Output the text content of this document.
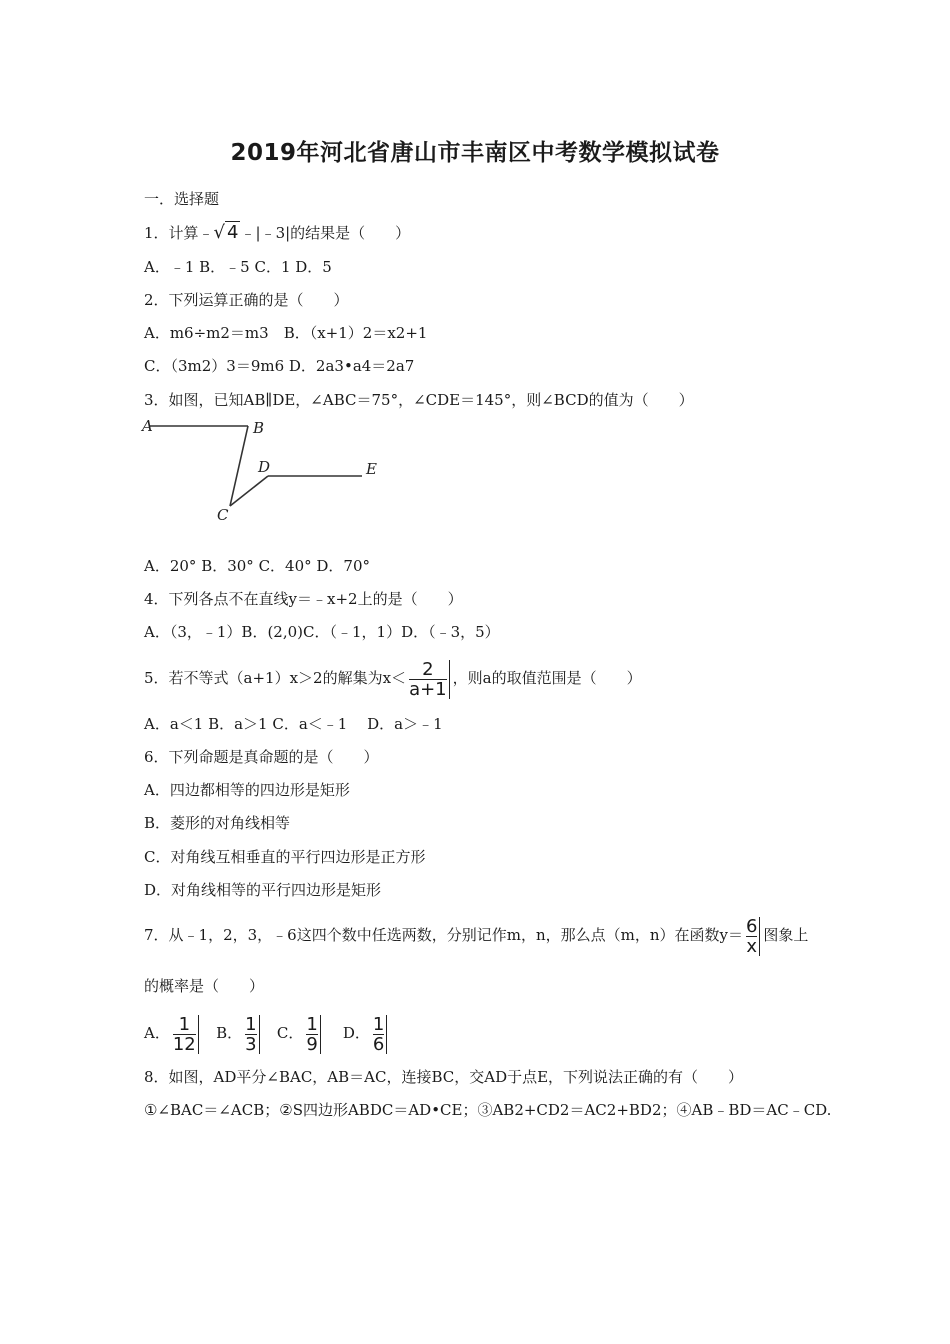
2019年河北省唐山市丰南区中考数学模拟试卷
一．选择题
1．计算﹣√ 4 ﹣|﹣3|的结果是（　　）
A．﹣1 B．﹣5 C．1 D．5
2．下列运算正确的是（　　）
A．m6÷m2＝m3　B．（x+1）2＝x2+1
C．（3m2）3＝9m6 D．2a3•a4＝2a7
3．如图，已知AB∥DE，∠ABC＝75°，∠CDE＝145°，则∠BCD的值为（　　）
A	B
C
D	E
A．20° B．30° C．40° D．70°
4．下列各点不在直线y＝﹣x+2上的是（　　）
A．（3，﹣1）B．(2,0)C．（﹣1，1）D．（﹣3，5）
5．若不等式（a+1）x＞2的解集为$x< \frac{2}{a+1}$ ，则a的取值范围是（　　）
A．a＜1 B．a＞1 C．a＜﹣1　 D．a＞﹣1
6．下列命题是真命题的是（　　）
A．四边都相等的四边形是矩形
B．菱形的对角线相等
C．对角线互相垂直的平行四边形是正方形
D．对角线相等的平行四边形是矩形
7．从﹣1，2，3，﹣6这四个数中任选两数，分别记作m，n，那么点（m，n）在函数$y= \frac{6}{x}$ 图象上
的概率是（　　）
A． $\frac{1}{12}$ B． $\frac{1}{3}$ C． $\frac{1}{9}$ D． $\frac{1}{6}$
8．如图，AD平分∠BAC，AB＝AC，连接BC，交AD于点E，下列说法正确的有（　　）
①∠BAC＝∠ACB；②S四边形ABDC＝AD•CE；③AB2+CD2＝AC2+BD2；④AB﹣BD＝AC﹣CD.
